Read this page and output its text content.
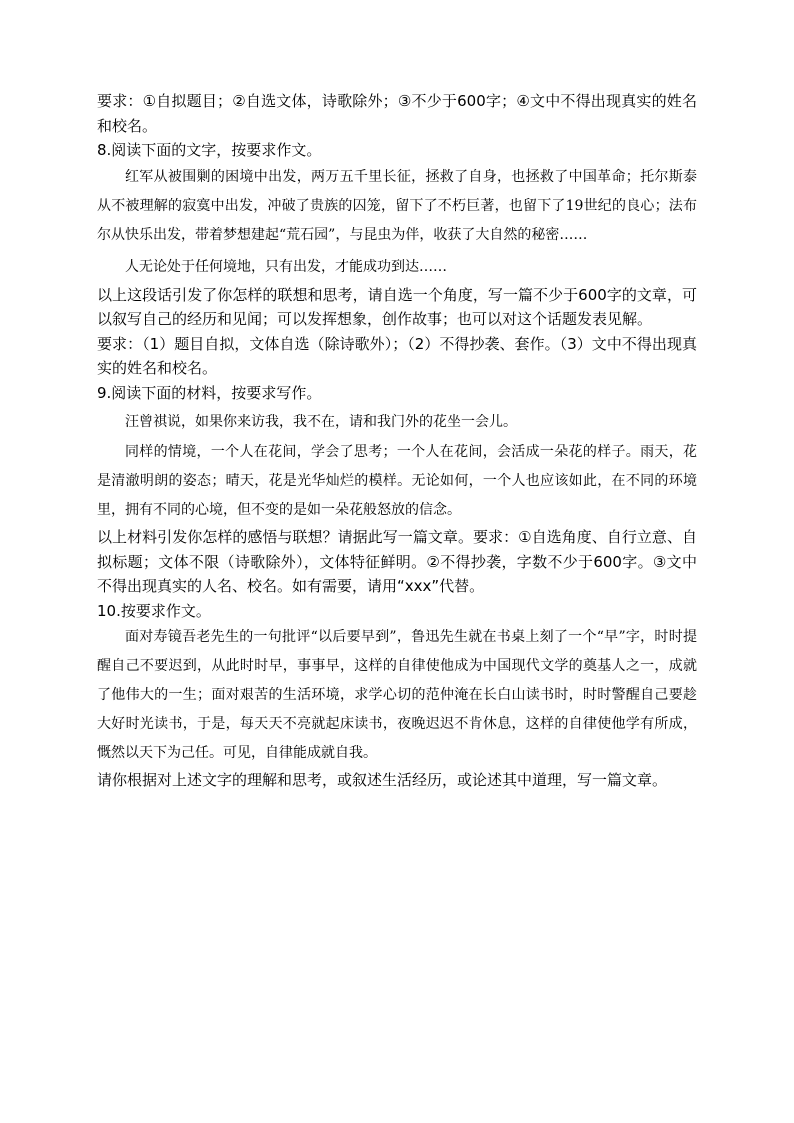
要求：①自拟题目；②自选文体，诗歌除外；③不少于600字；④文中不得出现真实的姓名和校名。

8.阅读下面的文字，按要求作文。

红军从被围剿的困境中出发，两万五千里长征，拯救了自身，也拯救了中国革命；托尔斯泰从不被理解的寂寞中出发，冲破了贵族的囚笼，留下了不朽巨著，也留下了19世纪的良心；法布尔从快乐出发，带着梦想建起“荒石园”，与昆虫为伴，收获了大自然的秘密……

人无论处于任何境地，只有出发，才能成功到达……

以上这段话引发了你怎样的联想和思考，请自选一个角度，写一篇不少于600字的文章，可以叙写自己的经历和见闻；可以发挥想象，创作故事；也可以对这个话题发表见解。

要求：（1）题目自拟，文体自选（除诗歌外）；（2）不得抄袭、套作。（3）文中不得出现真实的姓名和校名。

9.阅读下面的材料，按要求写作。

汪曾祺说，如果你来访我，我不在，请和我门外的花坐一会儿。

同样的情境，一个人在花间，学会了思考；一个人在花间，会活成一朵花的样子。雨天，花是清澈明朗的姿态；晴天，花是光华灿烂的模样。无论如何，一个人也应该如此，在不同的环境里，拥有不同的心境，但不变的是如一朵花般怒放的信念。

以上材料引发你怎样的感悟与联想？请据此写一篇文章。要求：①自选角度、自行立意、自拟标题；文体不限（诗歌除外），文体特征鲜明。②不得抄袭，字数不少于600字。③文中不得出现真实的人名、校名。如有需要，请用“xxx”代替。

10.按要求作文。

面对寿镜吾老先生的一句批评“以后要早到”，鲁迅先生就在书桌上刻了一个“早”字，时时提醒自己不要迟到，从此时时早，事事早，这样的自律使他成为中国现代文学的奠基人之一，成就了他伟大的一生；面对艰苦的生活环境，求学心切的范仲淹在长白山读书时，时时警醒自己要趁大好时光读书，于是，每天天不亮就起床读书，夜晚迟迟不肯休息，这样的自律使他学有所成，慨然以天下为己任。可见，自律能成就自我。

请你根据对上述文字的理解和思考，或叙述生活经历，或论述其中道理，写一篇文章。
